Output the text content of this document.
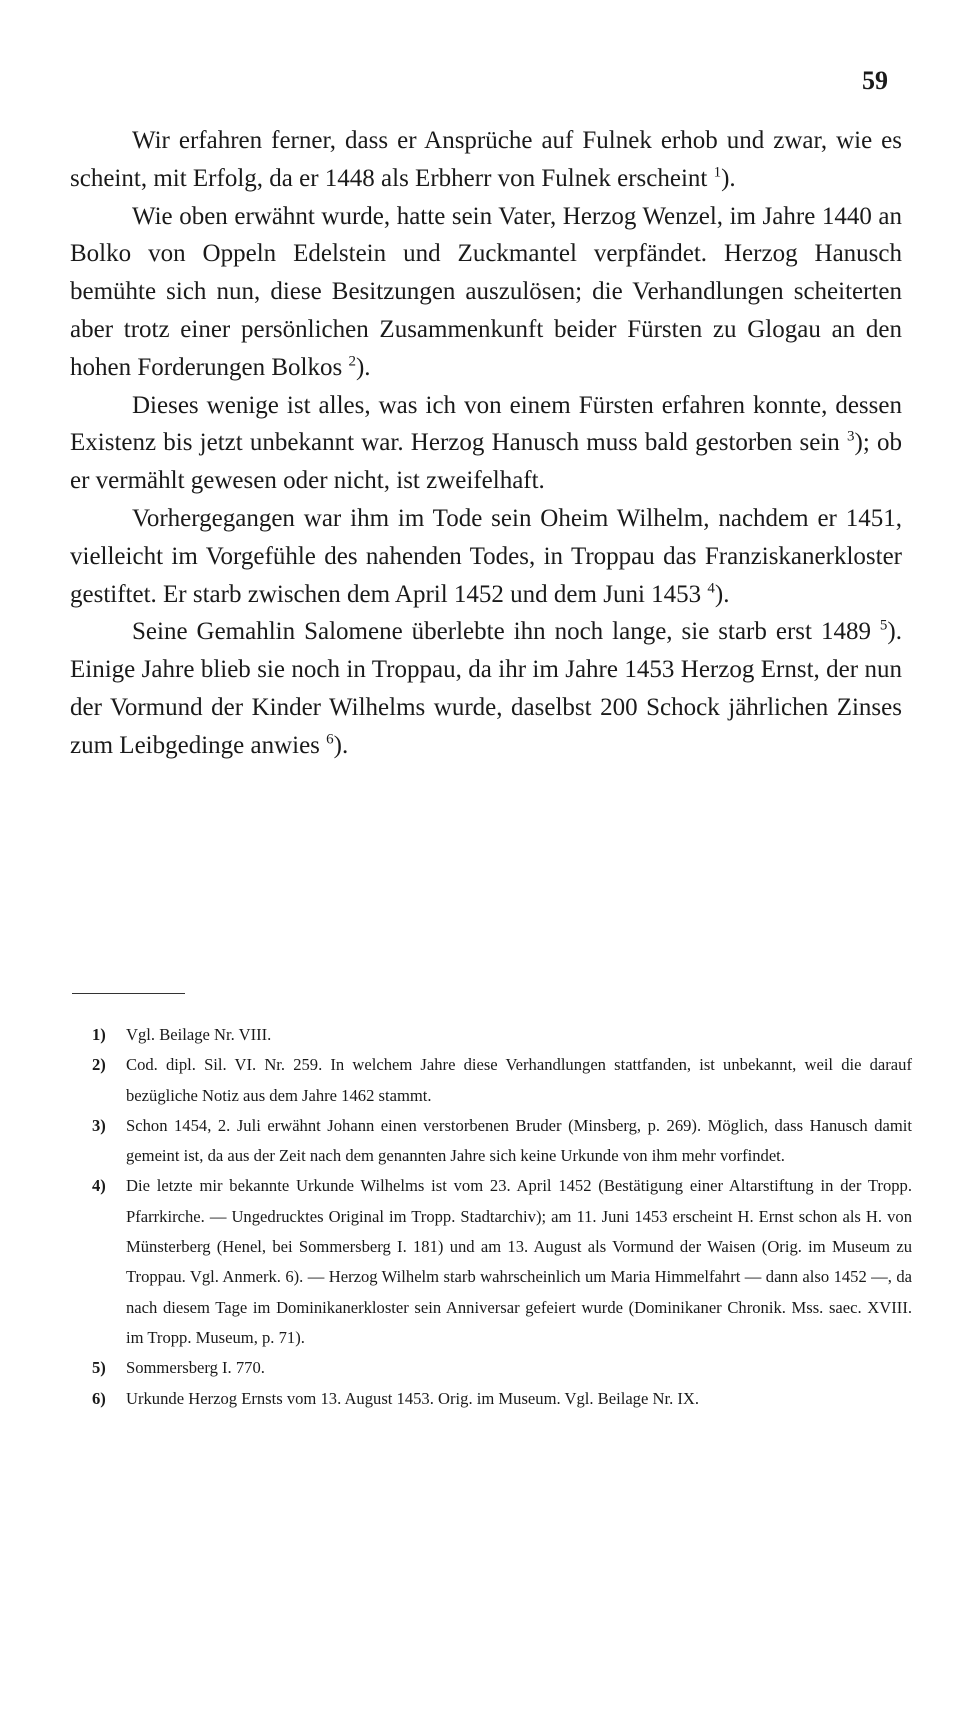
59

Wir erfahren ferner, dass er Ansprüche auf Fulnek erhob und zwar, wie es scheint, mit Erfolg, da er 1448 als Erbherr von Fulnek erscheint $^1$).

Wie oben erwähnt wurde, hatte sein Vater, Herzog Wenzel, im Jahre 1440 an Bolko von Oppeln Edelstein und Zuckmantel verpfändet. Herzog Hanusch bemühte sich nun, diese Besitzungen auszulösen; die Verhandlungen scheiterten aber trotz einer persönlichen Zusammenkunft beider Fürsten zu Glogau an den hohen Forderungen Bolkos $^2$).

Dieses wenige ist alles, was ich von einem Fürsten erfahren konnte, dessen Existenz bis jetzt unbekannt war. Herzog Hanusch muss bald gestorben sein $^3$); ob er vermählt gewesen oder nicht, ist zweifelhaft.

Vorhergegangen war ihm im Tode sein Oheim Wilhelm, nachdem er 1451, vielleicht im Vorgefühle des nahenden Todes, in Troppau das Franziskanerkloster gestiftet. Er starb zwischen dem April 1452 und dem Juni 1453 $^4$).

Seine Gemahlin Salomene überlebte ihn noch lange, sie starb erst 1489 $^5$). Einige Jahre blieb sie noch in Troppau, da ihr im Jahre 1453 Herzog Ernst, der nun der Vormund der Kinder Wilhelms wurde, daselbst 200 Schock jährlichen Zinses zum Leibgedinge anwies $^6$).

1) Vgl. Beilage Nr. VIII.
2) Cod. dipl. Sil. VI. Nr. 259. In welchem Jahre diese Verhandlungen stattfanden, ist unbekannt, weil die darauf bezügliche Notiz aus dem Jahre 1462 stammt.
3) Schon 1454, 2. Juli erwähnt Johann einen verstorbenen Bruder (Minsberg, p. 269). Möglich, dass Hanusch damit gemeint ist, da aus der Zeit nach dem genannten Jahre sich keine Urkunde von ihm mehr vorfindet.
4) Die letzte mir bekannte Urkunde Wilhelms ist vom 23. April 1452 (Bestätigung einer Altarstiftung in der Tropp. Pfarrkirche. — Ungedrucktes Original im Tropp. Stadtarchiv); am 11. Juni 1453 erscheint H. Ernst schon als H. von Münsterberg (Henel, bei Sommersberg I. 181) und am 13. August als Vormund der Waisen (Orig. im Museum zu Troppau. Vgl. Anmerk. 6). — Herzog Wilhelm starb wahrscheinlich um Maria Himmelfahrt — dann also 1452 —, da nach diesem Tage im Dominikanerkloster sein Anniversar gefeiert wurde (Dominikaner Chronik. Mss. saec. XVIII. im Tropp. Museum, p. 71).
5) Sommersberg I. 770.
6) Urkunde Herzog Ernsts vom 13. August 1453. Orig. im Museum. Vgl. Beilage Nr. IX.
